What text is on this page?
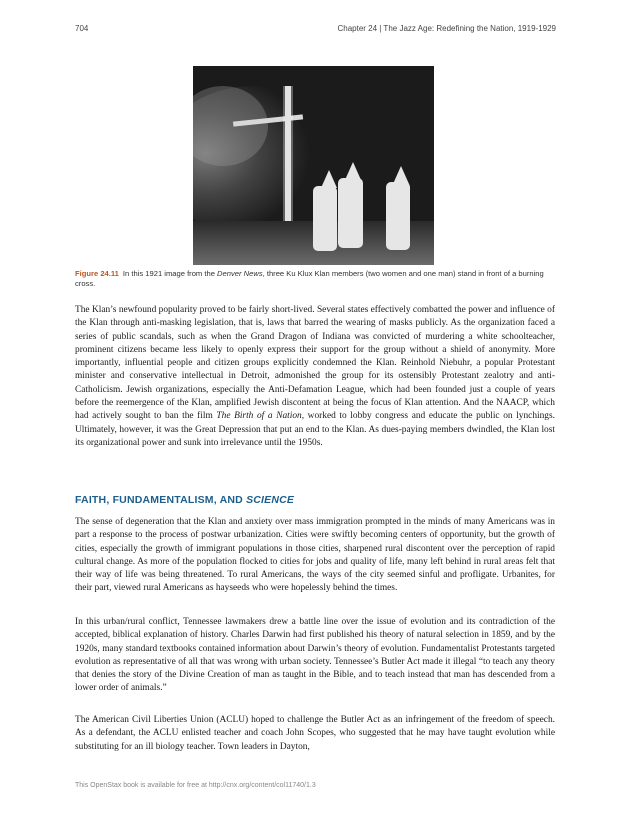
704	Chapter 24 | The Jazz Age: Redefining the Nation, 1919-1929
Figure 24.11 In this 1921 image from the Denver News, three Ku Klux Klan members (two women and one man) stand in front of a burning cross.

The Klan’s newfound popularity proved to be fairly short-lived. Several states effectively combatted the power and influence of the Klan through anti-masking legislation, that is, laws that barred the wearing of masks publicly. As the organization faced a series of public scandals, such as when the Grand Dragon of Indiana was convicted of murdering a white schoolteacher, prominent citizens became less likely to openly express their support for the group without a shield of anonymity. More importantly, influential people and citizen groups explicitly condemned the Klan. Reinhold Niebuhr, a popular Protestant minister and conservative intellectual in Detroit, admonished the group for its ostensibly Protestant zealotry and anti-Catholicism. Jewish organizations, especially the Anti-Defamation League, which had been founded just a couple of years before the reemergence of the Klan, amplified Jewish discontent at being the focus of Klan attention. And the NAACP, which had actively sought to ban the film The Birth of a Nation, worked to lobby congress and educate the public on lynchings. Ultimately, however, it was the Great Depression that put an end to the Klan. As dues-paying members dwindled, the Klan lost its organizational power and sunk into irrelevance until the 1950s.

FAITH, FUNDAMENTALISM, AND SCIENCE

The sense of degeneration that the Klan and anxiety over mass immigration prompted in the minds of many Americans was in part a response to the process of postwar urbanization. Cities were swiftly becoming centers of opportunity, but the growth of cities, especially the growth of immigrant populations in those cities, sharpened rural discontent over the perception of rapid cultural change. As more of the population flocked to cities for jobs and quality of life, many left behind in rural areas felt that their way of life was being threatened. To rural Americans, the ways of the city seemed sinful and profligate. Urbanites, for their part, viewed rural Americans as hayseeds who were hopelessly behind the times.

In this urban/rural conflict, Tennessee lawmakers drew a battle line over the issue of evolution and its contradiction of the accepted, biblical explanation of history. Charles Darwin had first published his theory of natural selection in 1859, and by the 1920s, many standard textbooks contained information about Darwin’s theory of evolution. Fundamentalist Protestants targeted evolution as representative of all that was wrong with urban society. Tennessee’s Butler Act made it illegal “to teach any theory that denies the story of the Divine Creation of man as taught in the Bible, and to teach instead that man has descended from a lower order of animals.”

The American Civil Liberties Union (ACLU) hoped to challenge the Butler Act as an infringement of the freedom of speech. As a defendant, the ACLU enlisted teacher and coach John Scopes, who suggested that he may have taught evolution while substituting for an ill biology teacher. Town leaders in Dayton,

This OpenStax book is available for free at http://cnx.org/content/col11740/1.3
